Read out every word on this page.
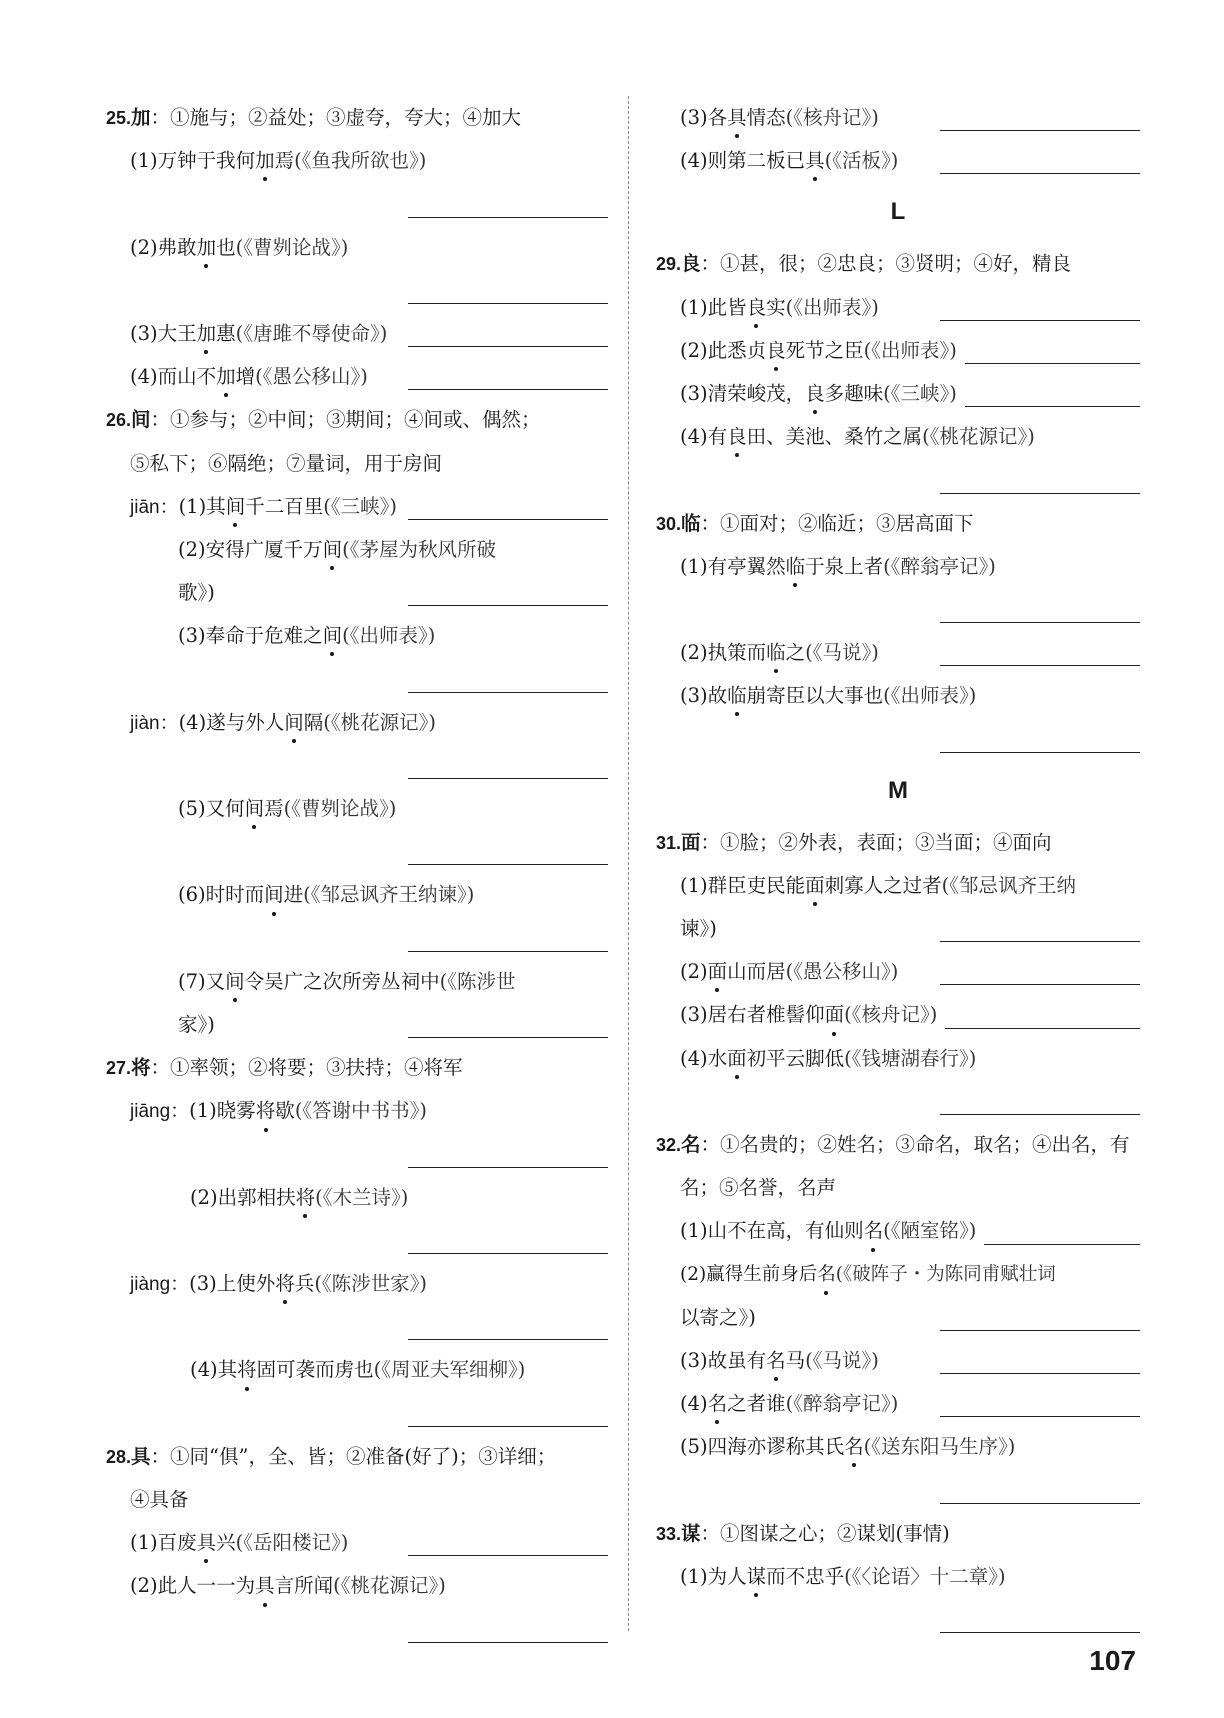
25.加：①施与；②益处；③虚夸，夸大；④加大
(1)万钟于我何加焉(《鱼我所欲也》)
(2)弗敢加也(《曹刿论战》)
(3)大王加惠(《唐雎不辱使命》)
(4)而山不加增(《愚公移山》)
26.间：①参与；②中间；③期间；④间或、偶然；
⑤私下；⑥隔绝；⑦量词，用于房间
jiān：(1)其间千二百里(《三峡》)
(2)安得广厦千万间(《茅屋为秋风所破
歌》)
(3)奉命于危难之间(《出师表》)
jiàn：(4)遂与外人间隔(《桃花源记》)
(5)又何间焉(《曹刿论战》)
(6)时时而间进(《邹忌讽齐王纳谏》)
(7)又间令吴广之次所旁丛祠中(《陈涉世
家》)
27.将：①率领；②将要；③扶持；④将军
jiāng：(1)晓雾将歇(《答谢中书书》)
(2)出郭相扶将(《木兰诗》)
jiàng：(3)上使外将兵(《陈涉世家》)
(4)其将固可袭而虏也(《周亚夫军细柳》)
28.具：①同“俱”，全、皆；②准备(好了)；③详细；
④具备
(1)百废具兴(《岳阳楼记》)
(2)此人一一为具言所闻(《桃花源记》)
(3)各具情态(《核舟记》)
(4)则第二板已具(《活板》)
L
29.良：①甚，很；②忠良；③贤明；④好，精良
(1)此皆良实(《出师表》)
(2)此悉贞良死节之臣(《出师表》)
(3)清荣峻茂，良多趣味(《三峡》)
(4)有良田、美池、桑竹之属(《桃花源记》)
30.临：①面对；②临近；③居高面下
(1)有亭翼然临于泉上者(《醉翁亭记》)
(2)执策而临之(《马说》)
(3)故临崩寄臣以大事也(《出师表》)
M
31.面：①脸；②外表，表面；③当面；④面向
(1)群臣吏民能面刺寡人之过者(《邹忌讽齐王纳
谏》)
(2)面山而居(《愚公移山》)
(3)居右者椎髻仰面(《核舟记》)
(4)水面初平云脚低(《钱塘湖春行》)
32.名：①名贵的；②姓名；③命名，取名；④出名，有
名；⑤名誉，名声
(1)山不在高，有仙则名(《陋室铭》)
(2)赢得生前身后名(《破阵子・为陈同甫赋壮词
以寄之》)
(3)故虽有名马(《马说》)
(4)名之者谁(《醉翁亭记》)
(5)四海亦谬称其氏名(《送东阳马生序》)
33.谋：①图谋之心；②谋划(事情)
(1)为人谋而不忠乎(《〈论语〉十二章》)
107
